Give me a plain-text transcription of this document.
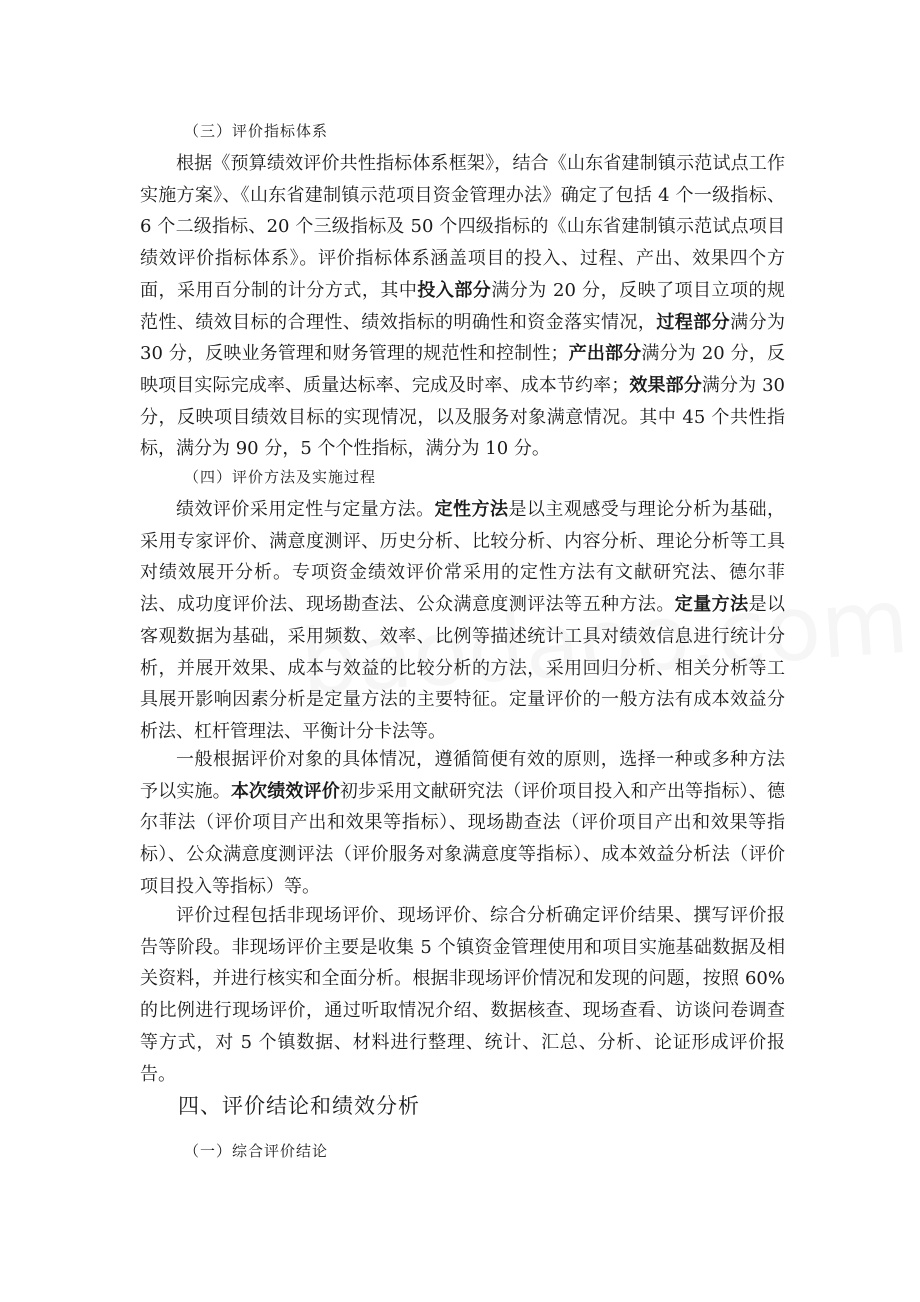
（三）评价指标体系

根据《预算绩效评价共性指标体系框架》，结合《山东省建制镇示范试点工作实施方案》、《山东省建制镇示范项目资金管理办法》确定了包括 4 个一级指标、6 个二级指标、20 个三级指标及 50 个四级指标的《山东省建制镇示范试点项目绩效评价指标体系》。评价指标体系涵盖项目的投入、过程、产出、效果四个方面，采用百分制的计分方式，其中投入部分满分为 20 分，反映了项目立项的规范性、绩效目标的合理性、绩效指标的明确性和资金落实情况，过程部分满分为 30 分，反映业务管理和财务管理的规范性和控制性；产出部分满分为 20 分，反映项目实际完成率、质量达标率、完成及时率、成本节约率；效果部分满分为 30 分，反映项目绩效目标的实现情况，以及服务对象满意情况。其中 45 个共性指标，满分为 90 分，5 个个性指标，满分为 10 分。

（四）评价方法及实施过程

绩效评价采用定性与定量方法。定性方法是以主观感受与理论分析为基础，采用专家评价、满意度测评、历史分析、比较分析、内容分析、理论分析等工具对绩效展开分析。专项资金绩效评价常采用的定性方法有文献研究法、德尔菲法、成功度评价法、现场勘查法、公众满意度测评法等五种方法。定量方法是以客观数据为基础，采用频数、效率、比例等描述统计工具对绩效信息进行统计分析，并展开效果、成本与效益的比较分析的方法，采用回归分析、相关分析等工具展开影响因素分析是定量方法的主要特征。定量评价的一般方法有成本效益分析法、杠杆管理法、平衡计分卡法等。

一般根据评价对象的具体情况，遵循简便有效的原则，选择一种或多种方法予以实施。本次绩效评价初步采用文献研究法（评价项目投入和产出等指标）、德尔菲法（评价项目产出和效果等指标）、现场勘查法（评价项目产出和效果等指标）、公众满意度测评法（评价服务对象满意度等指标）、成本效益分析法（评价项目投入等指标）等。

评价过程包括非现场评价、现场评价、综合分析确定评价结果、撰写评价报告等阶段。非现场评价主要是收集 5 个镇资金管理使用和项目实施基础数据及相关资料，并进行核实和全面分析。根据非现场评价情况和发现的问题，按照 60%的比例进行现场评价，通过听取情况介绍、数据核查、现场查看、访谈问卷调查等方式，对 5 个镇数据、材料进行整理、统计、汇总、分析、论证形成评价报告。

四、评价结论和绩效分析
（一）综合评价结论
